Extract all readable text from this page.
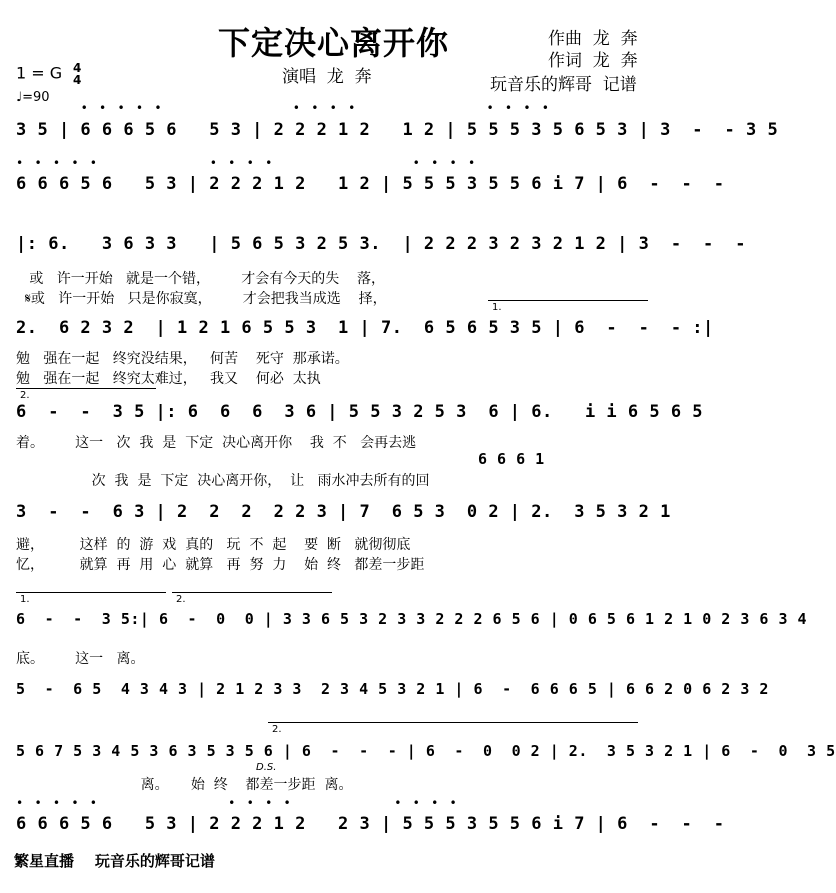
下定决心离开你	作曲  龙  奔
作词  龙  奔
演唱  龙  奔	玩音乐的辉哥  记谱
1 = G 4
4
♩=90
• • • • •              • • • •              • • • •
3 5 | 6 6 6 5 6   5 3 | 2 2 2 1 2   1 2 | 5 5 5 3 5 6 5 3 | 3  -  - 3 5
• • • • •            • • • •               • • • •
6 6 6 5 6   5 3 | 2 2 2 1 2   1 2 | 5 5 5 3 5 5 6 i 7 | 6  -  -  -
|: 6.   3 6 3 3   | 5 6 5 3 2 5 3.  | 2 2 2 3 2 3 2 1 2 | 3  -  -  -
或   许一开始   就是一个错，       才会有今天的失    落，
𝄋或   许一开始   只是你寂寞，       才会把我当成选    择，
1.
2.  6 2 3 2  | 1 2 1 6 5 5 3  1 | 7.  6 5 6 5 3 5 | 6  -  -  - :|
勉   强在一起   终究没结果，   何苦    死守  那承诺。
勉   强在一起   终究太难过，   我又    何必  太执
2.
6  -  -  3 5 |: 6  6  6  3 6 | 5 5 3 2 5 3  6 | 6.   i i 6 5 6 5
着。       这一   次  我  是  下定  决心离开你    我  不   会再去逃
6 6 6 1
次  我  是  下定  决心离开你，  让   雨水冲去所有的回
3  -  -  6 3 | 2  2  2  2 2 3 | 7  6 5 3  0 2 | 2.  3 5 3 2 1
避，        这样  的  游  戏  真的   玩  不  起    要  断   就彻彻底
忆，        就算  再  用  心  就算   再  努  力    始  终   都差一步距
1.	2.
6  -  -  3 5:| 6  -  0  0 | 3 3 6 5 3 2 3 3 2 2 2 6 5 6 | 0 6 5 6 1 2 1 0 2 3 6 3 4
底。       这一   离。
5  -  6 5  4 3 4 3 | 2 1 2 3 3  2 3 4 5 3 2 1 | 6  -  6 6 6 5 | 6 6 2 0 6 2 3 2
2.
5 6 7 5 3 4 5 3 6 3 5 3 5 6 | 6  -  -  - | 6  -  0  0 2 | 2.  3 5 3 2 1 | 6  -  0  3 5
D.S.
离。     始  终    都差一步距  离。
• • • • •              • • • •           • • • •
6 6 6 5 6   5 3 | 2 2 2 1 2   2 3 | 5 5 5 3 5 5 6 i 7 | 6  -  -  -
繁星直播    玩音乐的辉哥记谱
